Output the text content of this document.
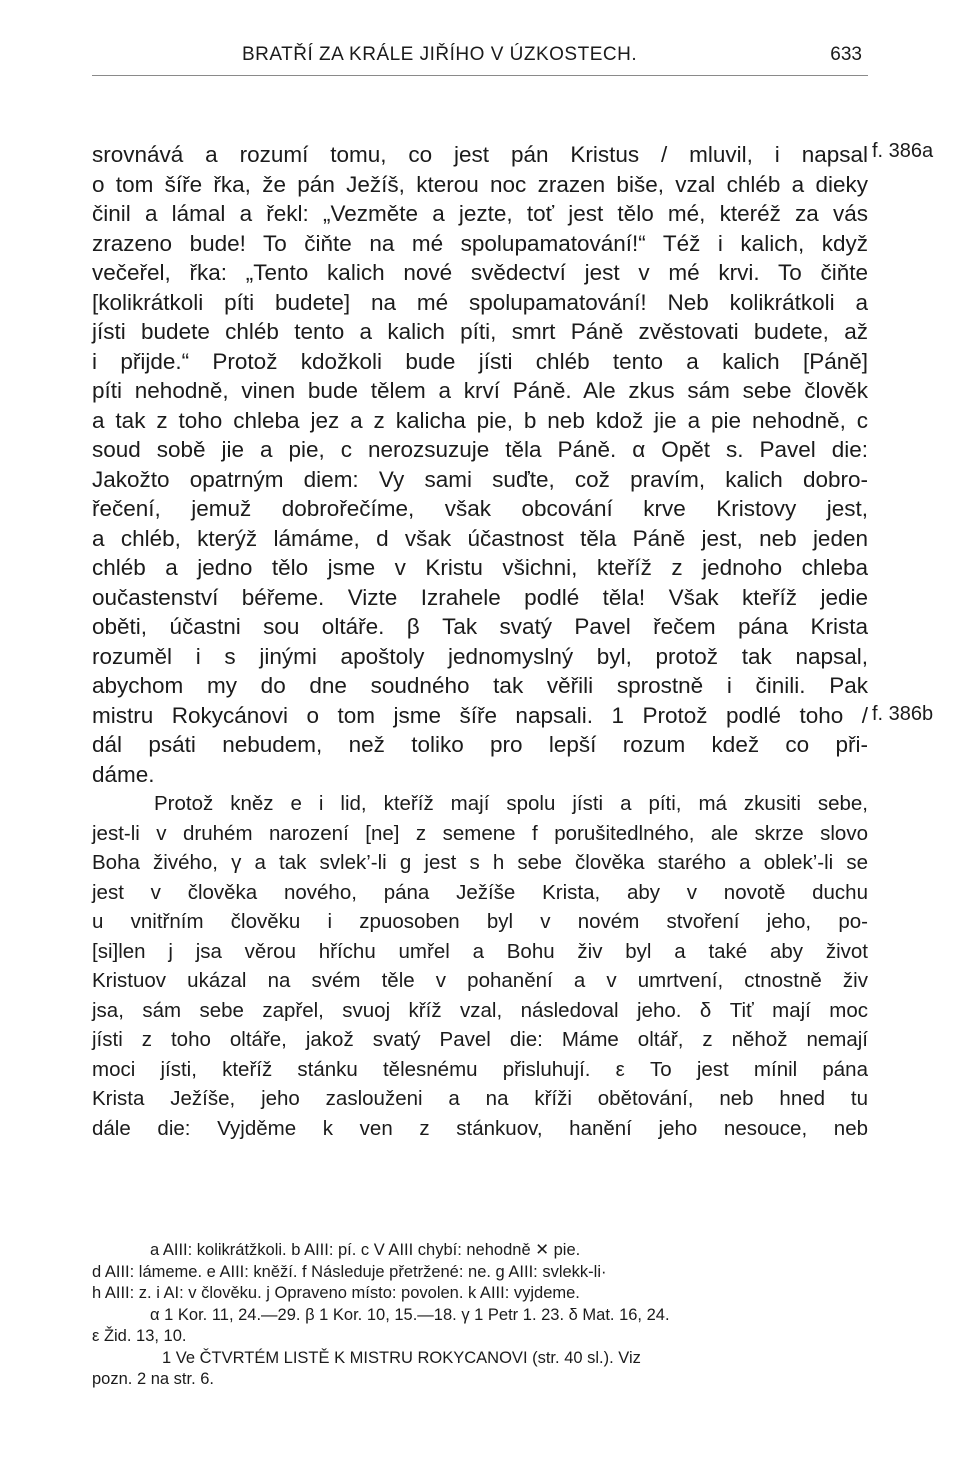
BRATŘÍ ZA KRÁLE JIŘÍHO V ÚZKOSTECH.	633
f. 386a
f. 386b
srovnává a rozumí tomu, co jest pán Kristus / mluvil, i napsal
o tom šíře řka, že pán Ježíš, kterou noc zrazen biše, vzal chléb a dieky
činil a lámal a řekl: „Vezměte a jezte, toť jest tělo mé, kteréž za vás
zrazeno bude! To čiňte na mé spolupamatování!“ Též i kalich, když
večeřel, řka: „Tento kalich nové svědectví jest v mé krvi. To čiňte
[kolikrátkoli píti budete] na mé spolupamatování! Neb kolikrátkoli a
jísti budete chléb tento a kalich píti, smrt Páně zvěstovati budete, až
i přijde.“ Protož kdožkoli bude jísti chléb tento a kalich [Páně]
píti nehodně, vinen bude tělem a krví Páně. Ale zkus sám sebe člověk
a tak z toho chleba jez a z kalicha pie, b neb kdož jie a pie nehodně, c
soud sobě jie a pie, c nerozsuzuje těla Páně. α Opět s. Pavel die:
Jakožto opatrným diem: Vy sami suďte, což pravím, kalich dobro-
řečení, jemuž dobrořečíme, však obcování krve Kristovy jest,
a chléb, kterýž lámáme, d však účastnost těla Páně jest, neb jeden
chléb a jedno tělo jsme v Kristu všichni, kteříž z jednoho chleba
oučastenství béřeme. Vizte Izrahele podlé těla! Však kteříž jedie
oběti, účastni sou oltáře. β Tak svatý Pavel řečem pána Krista
rozuměl i s jinými apoštoly jednomyslný byl, protož tak napsal,
abychom my do dne soudného tak věřili sprostně i činili. Pak
mistru Rokycánovi o tom jsme šíře napsali. 1 Protož podlé toho /
dál psáti nebudem, než toliko pro lepší rozum kdež co při-
dáme.
Protož kněz e i lid, kteříž mají spolu jísti a píti, má zkusiti sebe,
jest-li v druhém narození [ne] z semene f porušitedlného, ale skrze slovo
Boha živého, γ a tak svlek’-li g jest s h sebe člověka starého a oblek’-li se
jest v člověka nového, pána Ježíše Krista, aby v novotě duchu
u vnitřním člověku i zpuosoben byl v novém stvoření jeho, po-
[si]len j jsa věrou hříchu umřel a Bohu živ byl a také aby život
Kristuov ukázal na svém těle v pohanění a v umrtvení, ctnostně živ
jsa, sám sebe zapřel, svuoj kříž vzal, následoval jeho. δ Tiť mají moc
jísti z toho oltáře, jakož svatý Pavel die: Máme oltář, z něhož nemají
moci jísti, kteříž stánku tělesnému přisluhují. ε To jest mínil pána
Krista Ježíše, jeho zaslouženi a na kříži obětování, neb hned tu
dále die: Vyjděme k ven z stánkuov, hanění jeho nesouce, neb
a AIII: kolikrátžkoli. b AIII: pí. c V AIII chybí: nehodně ✕ pie.
d AIII: lámeme. e AIII: kněží. f Následuje přetržené: ne. g AIII: svlekk-li·
h AIII: z. i AI: v člověku. j Opraveno místo: povolen. k AIII: vyjdeme.
α 1 Kor. 11, 24.—29. β 1 Kor. 10, 15.—18. γ 1 Petr 1. 23. δ Mat. 16, 24.
ε Žid. 13, 10.
1 Ve ČTVRTÉM LISTĚ K MISTRU ROKYCANOVI (str. 40 sl.). Viz
pozn. 2 na str. 6.
